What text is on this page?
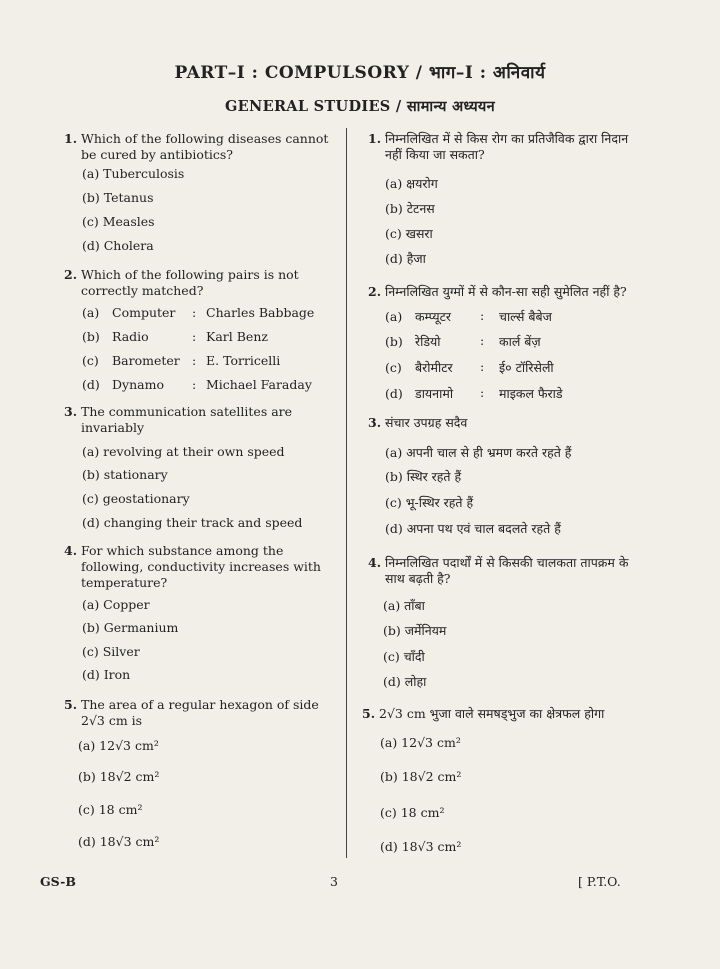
PART–I : COMPULSORY / भाग–I : अनिवार्य
GENERAL STUDIES / सामान्य अध्ययन
1. Which of the following diseases cannot be cured by antibiotics?
(a) Tuberculosis
(b) Tetanus
(c) Measles
(d) Cholera
2. Which of the following pairs is not correctly matched?
(a) Computer : Charles Babbage
(b) Radio	: Karl Benz
(c) Barometer : E. Torricelli
(d) Dynamo : Michael Faraday
3. The communication satellites are invariably
(a) revolving at their own speed
(b) stationary
(c) geostationary
(d) changing their track and speed
4. For which substance among the following, conductivity increases with temperature?
(a) Copper
(b) Germanium
(c) Silver
(d) Iron
5. The area of a regular hexagon of side 2√3 cm is
(a) 12√3 cm²
(b) 18√2 cm²
(c) 18 cm²
(d) 18√3 cm²
1. निम्नलिखित में से किस रोग का प्रतिजैविक द्वारा निदान नहीं किया जा सकता?
(a) क्षयरोग
(b) टेटनस
(c) खसरा
(d) हैजा
2. निम्नलिखित युग्मों में से कौन-सा सही सुमेलित नहीं है?
(a) कम्प्यूटर : चार्ल्स बैबेज
(b) रेडियो	: कार्ल बेंज़
(c) बैरोमीटर : ई० टॉरिसेली
(d) डायनामो : माइकल फैराडे
3. संचार उपग्रह सदैव
(a) अपनी चाल से ही भ्रमण करते रहते हैं
(b) स्थिर रहते हैं
(c) भू-स्थिर रहते हैं
(d) अपना पथ एवं चाल बदलते रहते हैं
4. निम्नलिखित पदार्थों में से किसकी चालकता तापक्रम के साथ बढ़ती है?
(a) ताँबा
(b) जर्मेनियम
(c) चाँदी
(d) लोहा
5. 2√3 cm भुजा वाले समषड्भुज का क्षेत्रफल होगा
(a) 12√3 cm²
(b) 18√2 cm²
(c) 18 cm²
(d) 18√3 cm²
GS-B	3	[ P.T.O.
